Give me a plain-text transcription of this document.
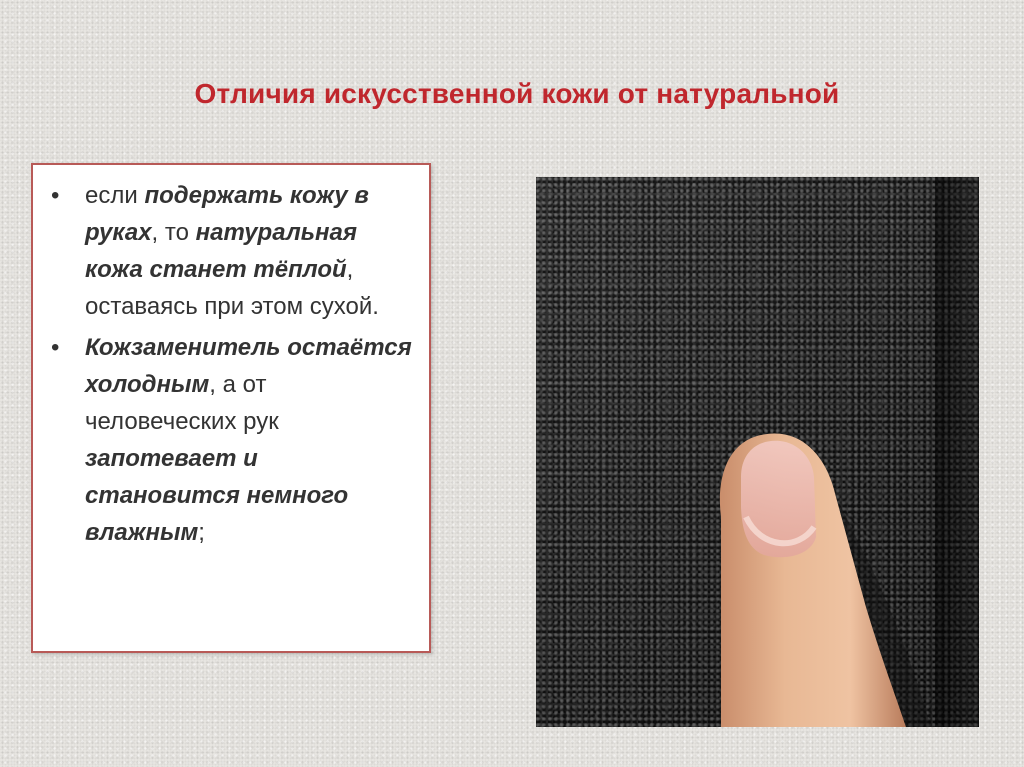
Отличия искусственной кожи от натуральной
• если подержать кожу в руках, то натуральная кожа станет тёплой, оставаясь при этом сухой.
• Кожзаменитель остаётся холодным, а от человеческих рук запотевает и становится немного влажным;
